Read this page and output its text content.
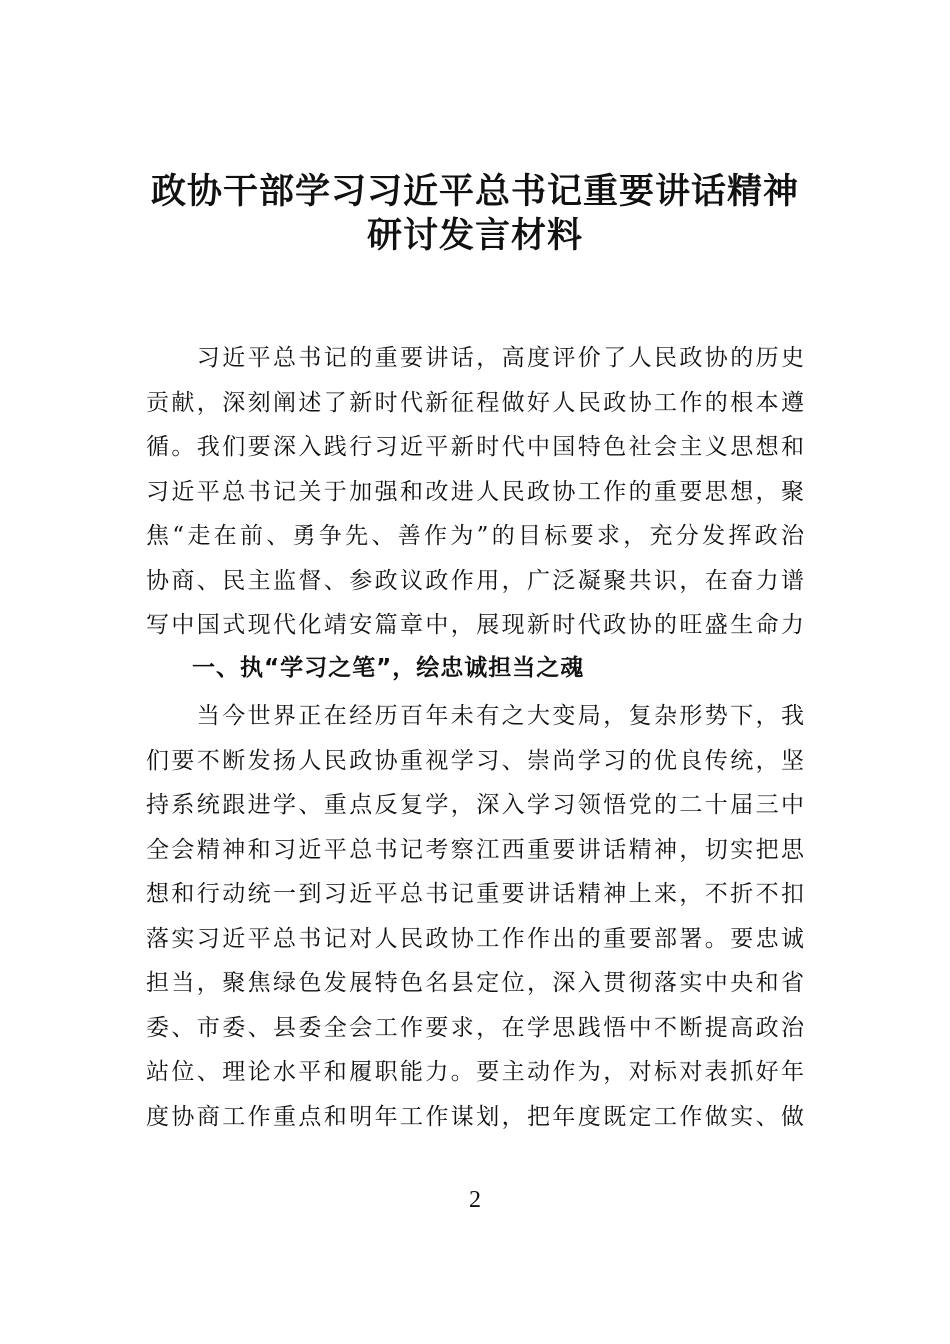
政协干部学习习近平总书记重要讲话精神
研讨发言材料
　　习近平总书记的重要讲话，高度评价了人民政协的历史
贡献，深刻阐述了新时代新征程做好人民政协工作的根本遵
循。我们要深入践行习近平新时代中国特色社会主义思想和
习近平总书记关于加强和改进人民政协工作的重要思想，聚
焦“走在前、勇争先、善作为”的目标要求，充分发挥政治
协商、民主监督、参政议政作用，广泛凝聚共识，在奋力谱
写中国式现代化靖安篇章中，展现新时代政协的旺盛生命力
一、执“学习之笔”，绘忠诚担当之魂
　　当今世界正在经历百年未有之大变局，复杂形势下，我
们要不断发扬人民政协重视学习、崇尚学习的优良传统，坚
持系统跟进学、重点反复学，深入学习领悟党的二十届三中
全会精神和习近平总书记考察江西重要讲话精神，切实把思
想和行动统一到习近平总书记重要讲话精神上来，不折不扣
落实习近平总书记对人民政协工作作出的重要部署。要忠诚
担当，聚焦绿色发展特色名县定位，深入贯彻落实中央和省
委、市委、县委全会工作要求，在学思践悟中不断提高政治
站位、理论水平和履职能力。要主动作为，对标对表抓好年
度协商工作重点和明年工作谋划，把年度既定工作做实、做
2
